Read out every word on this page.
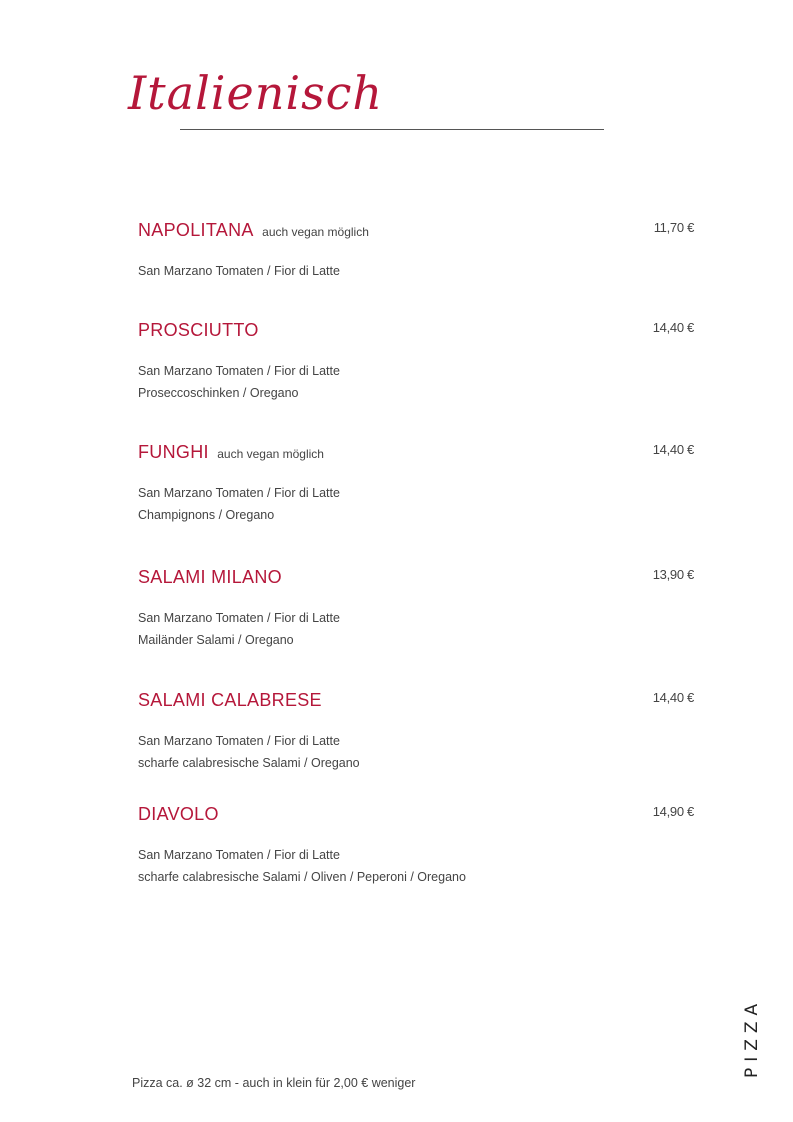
Italienisch
NAPOLITANA auch vegan möglich	11,70 €
San Marzano Tomaten / Fior di Latte
PROSCIUTTO	14,40 €
San Marzano Tomaten / Fior di Latte
Proseccoschinken / Oregano
FUNGHI auch vegan möglich	14,40 €
San Marzano Tomaten / Fior di Latte
Champignons / Oregano
SALAMI MILANO	13,90 €
San Marzano Tomaten / Fior di Latte
Mailänder Salami / Oregano
SALAMI CALABRESE	14,40 €
San Marzano Tomaten / Fior di Latte
scharfe calabresische Salami / Oregano
DIAVOLO	14,90 €
San Marzano Tomaten / Fior di Latte
scharfe calabresische Salami / Oliven / Peperoni / Oregano
PIZZA
Pizza ca. ø 32 cm - auch in klein für 2,00 € weniger
